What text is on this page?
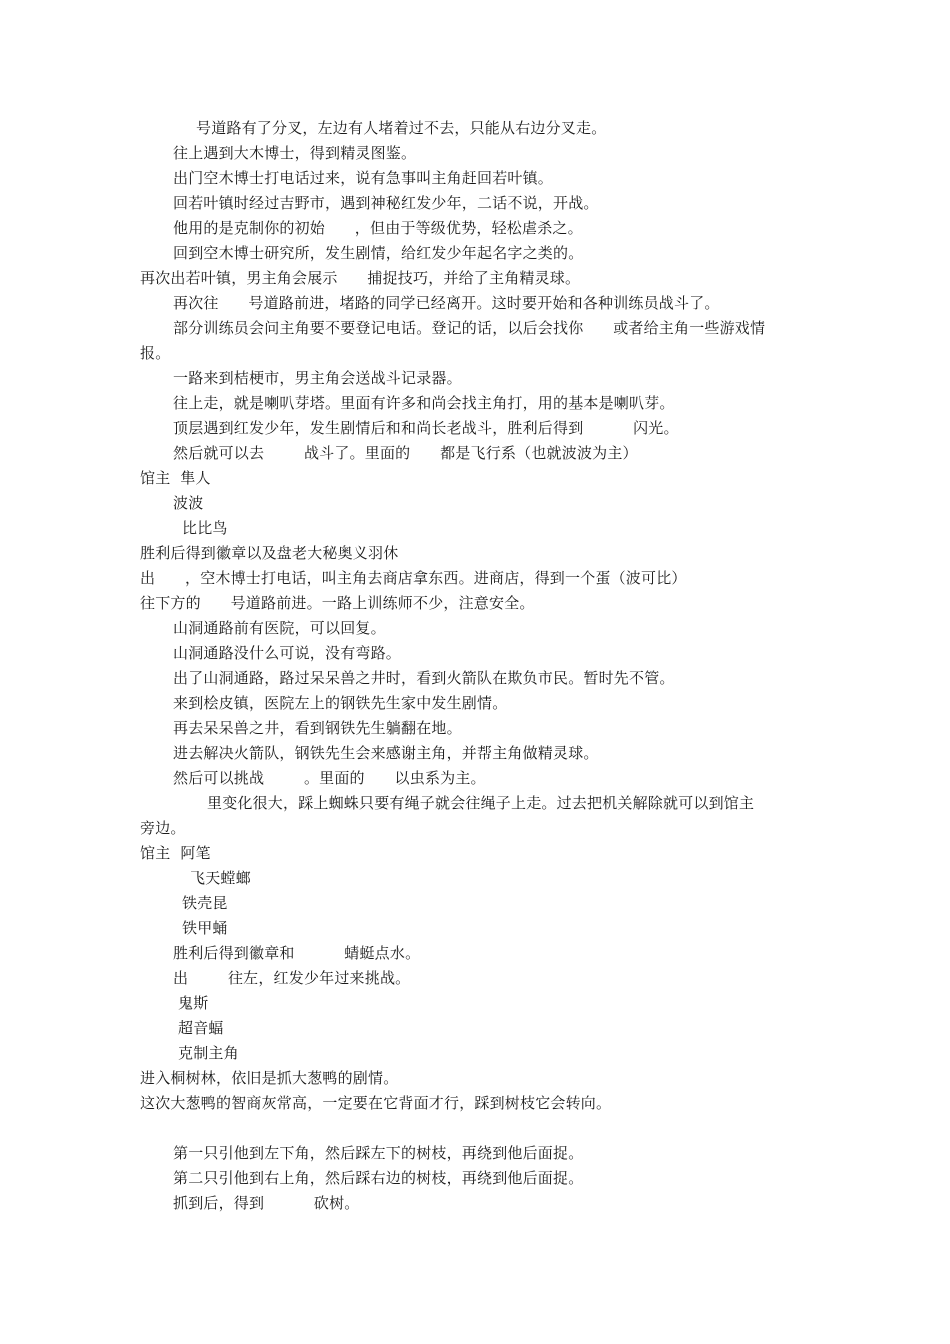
号道路有了分叉，左边有人堵着过不去，只能从右边分叉走。
往上遇到大木博士，得到精灵图鉴。
出门空木博士打电话过来，说有急事叫主角赶回若叶镇。
回若叶镇时经过吉野市，遇到神秘红发少年，二话不说，开战。
他用的是克制你的初始      ，但由于等级优势，轻松虐杀之。
回到空木博士研究所，发生剧情，给红发少年起名字之类的。
再次出若叶镇，男主角会展示      捕捉技巧，并给了主角精灵球。
再次往      号道路前进，堵路的同学已经离开。这时要开始和各种训练员战斗了。
部分训练员会问主角要不要登记电话。登记的话，以后会找你      或者给主角一些游戏情
报。
一路来到桔梗市，男主角会送战斗记录器。
往上走，就是喇叭芽塔。里面有许多和尚会找主角打，用的基本是喇叭芽。
顶层遇到红发少年，发生剧情后和和尚长老战斗，胜利后得到          闪光。
然后就可以去        战斗了。里面的      都是飞行系（也就波波为主）
馆主  隼人
波波
比比鸟
胜利后得到徽章以及盘老大秘奥义羽休
出      ，空木博士打电话，叫主角去商店拿东西。进商店，得到一个蛋（波可比）
往下方的      号道路前进。一路上训练师不少，注意安全。
山洞通路前有医院，可以回复。
山洞通路没什么可说，没有弯路。
出了山洞通路，路过呆呆兽之井时，看到火箭队在欺负市民。暂时先不管。
来到桧皮镇，医院左上的钢铁先生家中发生剧情。
再去呆呆兽之井，看到钢铁先生躺翻在地。
进去解决火箭队，钢铁先生会来感谢主角，并帮主角做精灵球。
然后可以挑战        。里面的      以虫系为主。
里变化很大，踩上蜘蛛只要有绳子就会往绳子上走。过去把机关解除就可以到馆主
旁边。
馆主  阿笔
飞天螳螂
铁壳昆
铁甲蛹
胜利后得到徽章和          蜻蜓点水。
出        往左，红发少年过来挑战。
鬼斯
超音蝠
克制主角
进入桐树林，依旧是抓大葱鸭的剧情。
这次大葱鸭的智商灰常高，一定要在它背面才行，踩到树枝它会转向。
第一只引他到左下角，然后踩左下的树枝，再绕到他后面捉。
第二只引他到右上角，然后踩右边的树枝，再绕到他后面捉。
抓到后，得到          砍树。
